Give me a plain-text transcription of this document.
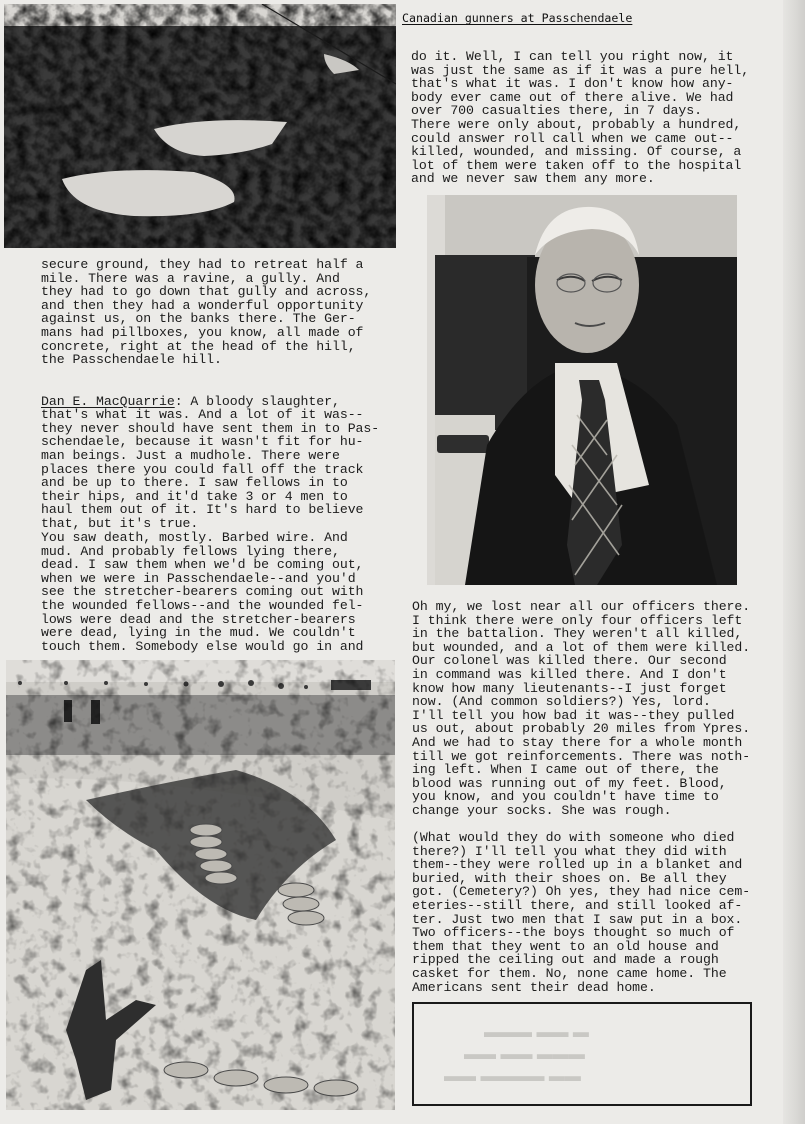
Canadian gunners at Passchendaele
do it. Well, I can tell you right now, it
was just the same as if it was a pure hell,
that's what it was. I don't know how any-
body ever came out of there alive. We had
over 700 casualties there, in 7 days.
There were only about, probably a hundred,
could answer roll call when we came out--
killed, wounded, and missing. Of course, a
lot of them were taken off to the hospital
and we never saw them any more.
secure ground, they had to retreat half a
mile. There was a ravine, a gully. And
they had to go down that gully and across,
and then they had a wonderful opportunity
against us, on the banks there. The Ger-
mans had pillboxes, you know, all made of
concrete, right at the head of the hill,
the Passchendaele hill.

Dan E. MacQuarrie: A bloody slaughter,
that's what it was. And a lot of it was--
they never should have sent them in to Pas-
schendaele, because it wasn't fit for hu-
man beings. Just a mudhole. There were
places there you could fall off the track
and be up to there. I saw fellows in to
their hips, and it'd take 3 or 4 men to
haul them out of it. It's hard to believe
that, but it's true.
You saw death, mostly. Barbed wire. And
mud. And probably fellows lying there,
dead. I saw them when we'd be coming out,
when we were in Passchendaele--and you'd
see the stretcher-bearers coming out with
the wounded fellows--and the wounded fel-
lows were dead and the stretcher-bearers
were dead, lying in the mud. We couldn't
touch them. Somebody else would go in and
Oh my, we lost near all our officers there.
I think there were only four officers left
in the battalion. They weren't all killed,
but wounded, and a lot of them were killed.
Our colonel was killed there. Our second
in command was killed there. And I don't
know how many lieutenants--I just forget
now. (And common soldiers?) Yes, lord.
I'll tell you how bad it was--they pulled
us out, about probably 20 miles from Ypres.
And we had to stay there for a whole month
till we got reinforcements. There was noth-
ing left. When I came out of there, the
blood was running out of my feet. Blood,
you know, and you couldn't have time to
change your socks. She was rough.
(What would they do with someone who died
there?) I'll tell you what they did with
them--they were rolled up in a blanket and
buried, with their shoes on. Be all they
got. (Cemetery?) Oh yes, they had nice cem-
eteries--still there, and still looked af-
ter. Just two men that I saw put in a box.
Two officers--the boys thought so much of
them that they went to an old house and
ripped the ceiling out and made a rough
casket for them. No, none came home. The
Americans sent their dead home.
▬ ▬▬ ▬▬▬
▬▬▬ ▬▬ ▬▬
▬▬ ▬▬▬▬ ▬▬
